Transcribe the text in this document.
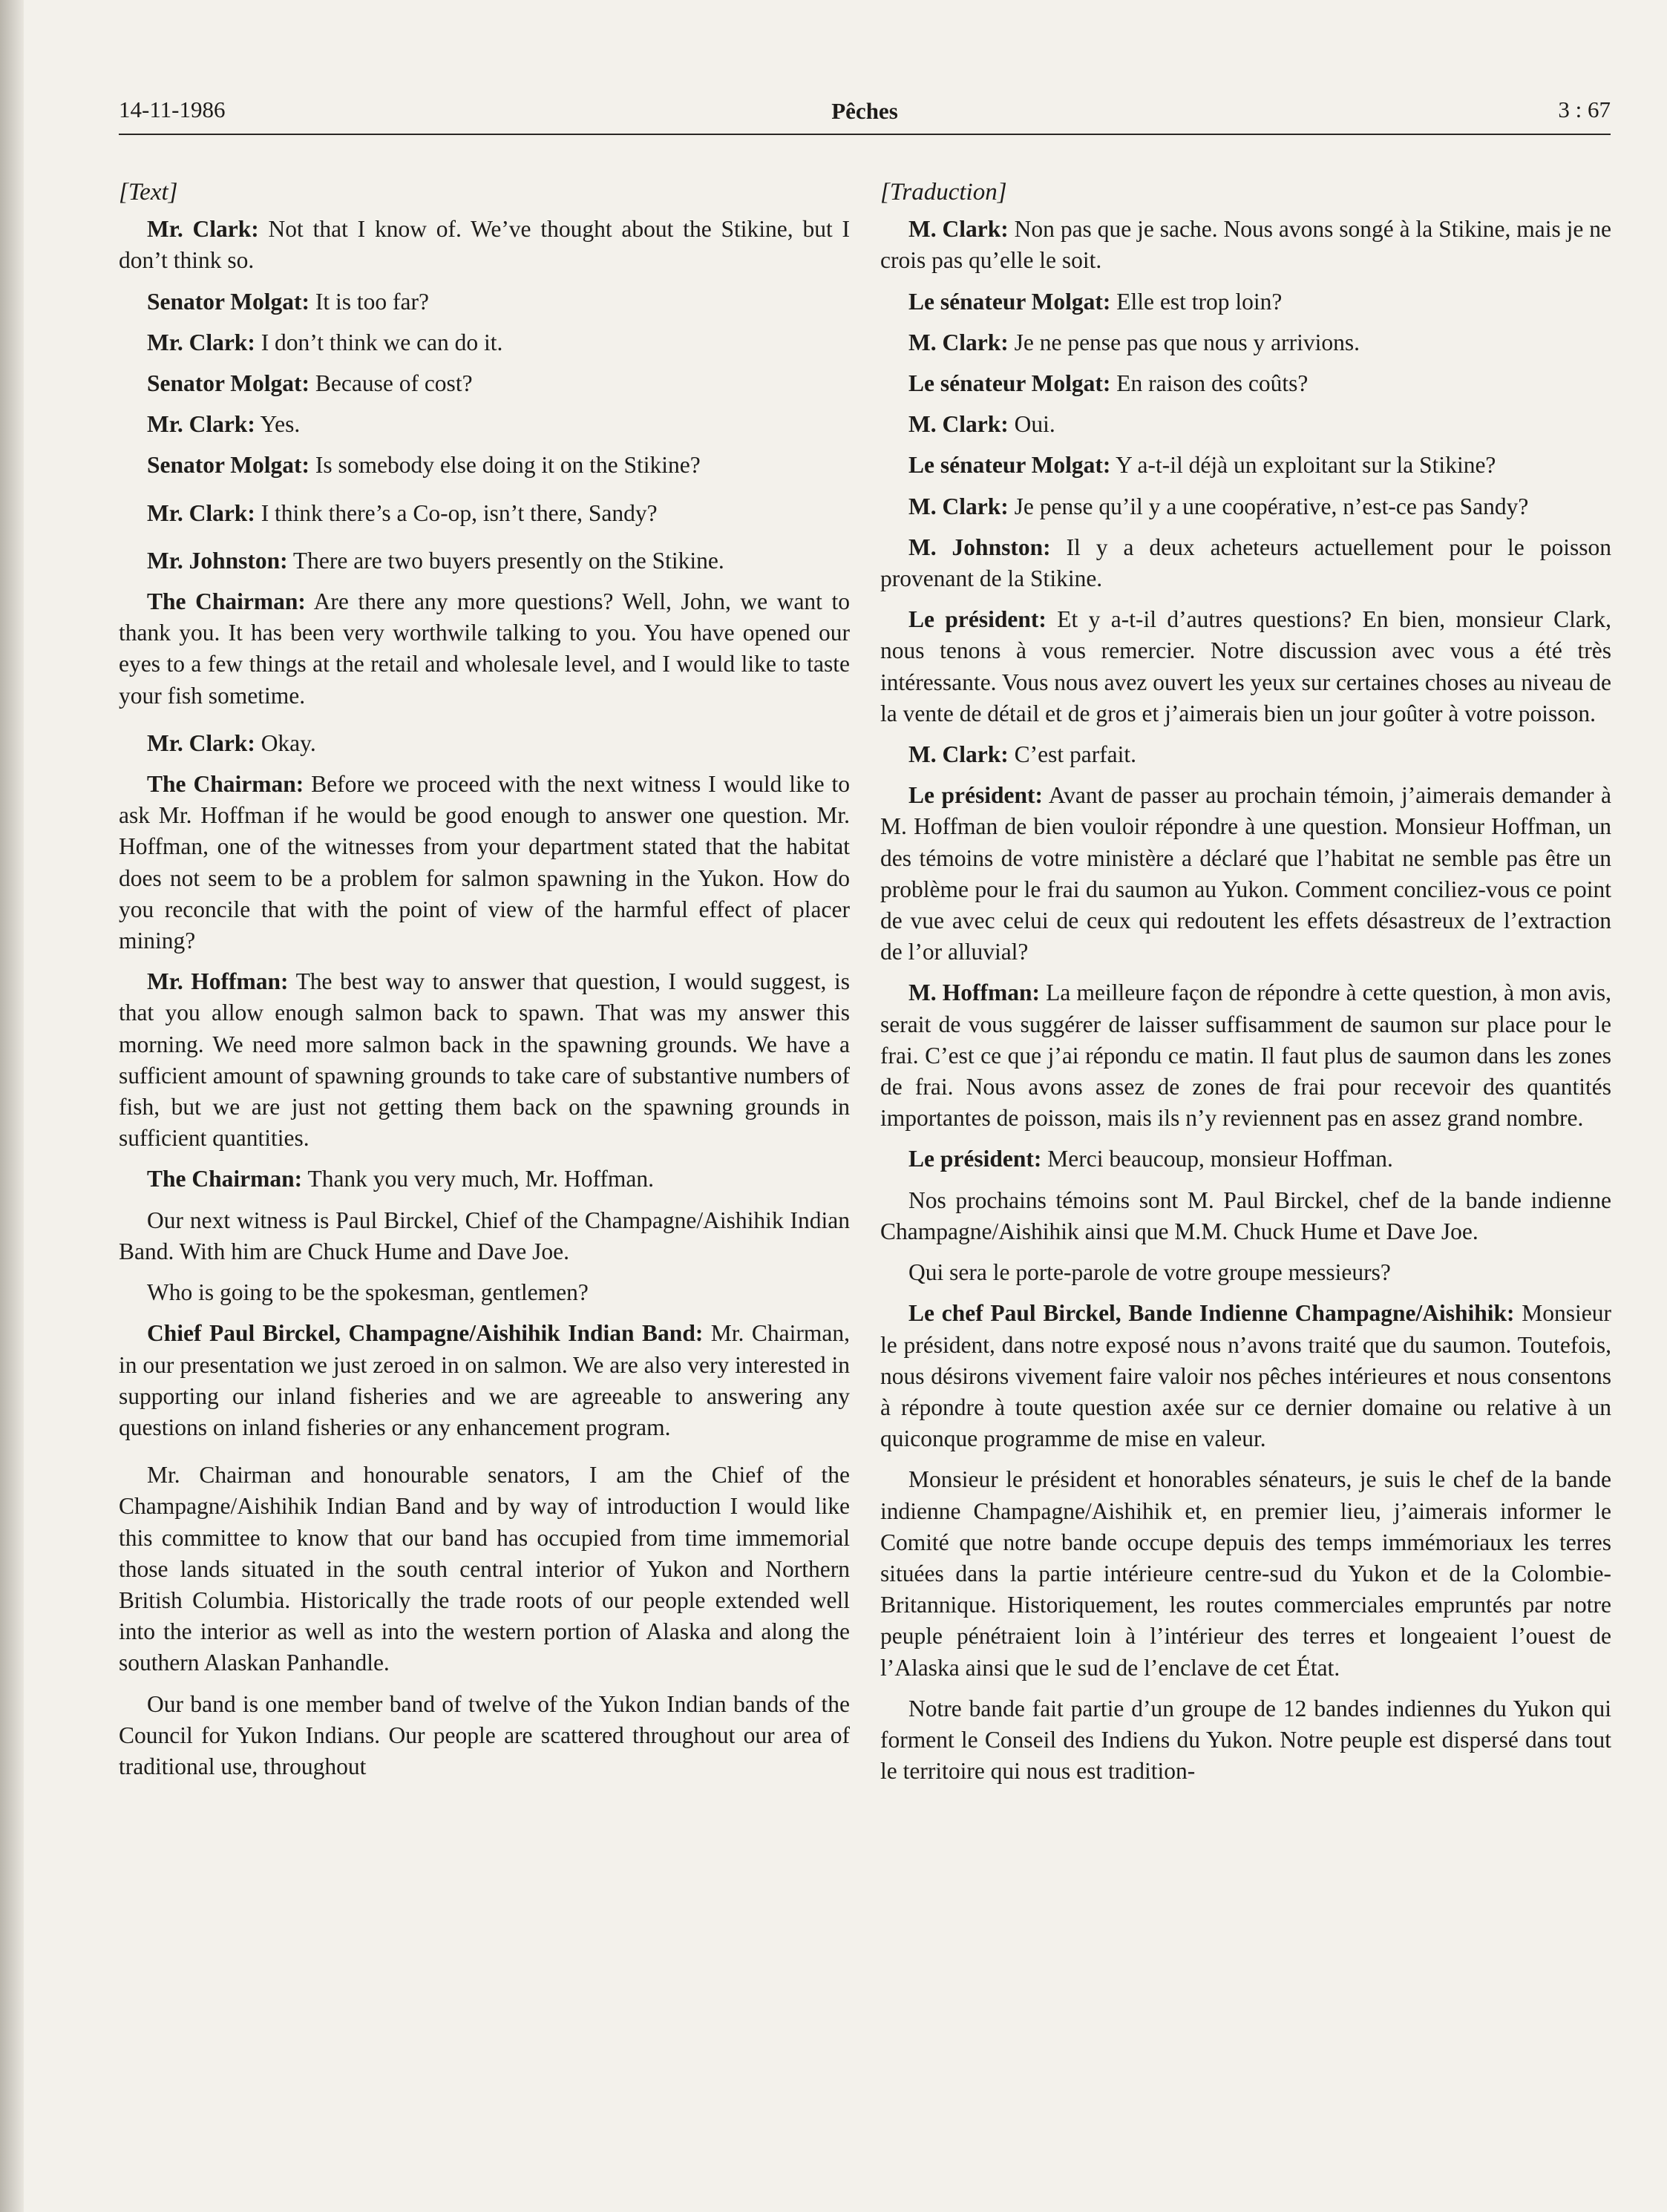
14-11-1986	Pêches	3 : 67

[Text]

Mr. Clark: Not that I know of. We’ve thought about the Stikine, but I don’t think so.

Senator Molgat: It is too far?

Mr. Clark: I don’t think we can do it.

Senator Molgat: Because of cost?

Mr. Clark: Yes.

Senator Molgat: Is somebody else doing it on the Stikine?

Mr. Clark: I think there’s a Co-op, isn’t there, Sandy?

Mr. Johnston: There are two buyers presently on the Stikine.

The Chairman: Are there any more questions? Well, John, we want to thank you. It has been very worthwile talking to you. You have opened our eyes to a few things at the retail and wholesale level, and I would like to taste your fish sometime.

Mr. Clark: Okay.

The Chairman: Before we proceed with the next witness I would like to ask Mr. Hoffman if he would be good enough to answer one question. Mr. Hoffman, one of the witnesses from your department stated that the habitat does not seem to be a problem for salmon spawning in the Yukon. How do you reconcile that with the point of view of the harmful effect of placer mining?

Mr. Hoffman: The best way to answer that question, I would suggest, is that you allow enough salmon back to spawn. That was my answer this morning. We need more salmon back in the spawning grounds. We have a sufficient amount of spawning grounds to take care of substantive numbers of fish, but we are just not getting them back on the spawning grounds in sufficient quantities.

The Chairman: Thank you very much, Mr. Hoffman.

Our next witness is Paul Birckel, Chief of the Champagne/Aishihik Indian Band. With him are Chuck Hume and Dave Joe.

Who is going to be the spokesman, gentlemen?

Chief Paul Birckel, Champagne/Aishihik Indian Band: Mr. Chairman, in our presentation we just zeroed in on salmon. We are also very interested in supporting our inland fisheries and we are agreeable to answering any questions on inland fisheries or any enhancement program.

Mr. Chairman and honourable senators, I am the Chief of the Champagne/Aishihik Indian Band and by way of introduction I would like this committee to know that our band has occupied from time immemorial those lands situated in the south central interior of Yukon and Northern British Columbia. Historically the trade roots of our people extended well into the interior as well as into the western portion of Alaska and along the southern Alaskan Panhandle.

Our band is one member band of twelve of the Yukon Indian bands of the Council for Yukon Indians. Our people are scattered throughout our area of traditional use, throughout

[Traduction]

M. Clark: Non pas que je sache. Nous avons songé à la Stikine, mais je ne crois pas qu’elle le soit.

Le sénateur Molgat: Elle est trop loin?

M. Clark: Je ne pense pas que nous y arrivions.

Le sénateur Molgat: En raison des coûts?

M. Clark: Oui.

Le sénateur Molgat: Y a-t-il déjà un exploitant sur la Stikine?

M. Clark: Je pense qu’il y a une coopérative, n’est-ce pas Sandy?

M. Johnston: Il y a deux acheteurs actuellement pour le poisson provenant de la Stikine.

Le président: Et y a-t-il d’autres questions? En bien, monsieur Clark, nous tenons à vous remercier. Notre discussion avec vous a été très intéressante. Vous nous avez ouvert les yeux sur certaines choses au niveau de la vente de détail et de gros et j’aimerais bien un jour goûter à votre poisson.

M. Clark: C’est parfait.

Le président: Avant de passer au prochain témoin, j’aimerais demander à M. Hoffman de bien vouloir répondre à une question. Monsieur Hoffman, un des témoins de votre ministère a déclaré que l’habitat ne semble pas être un problème pour le frai du saumon au Yukon. Comment conciliez-vous ce point de vue avec celui de ceux qui redoutent les effets désastreux de l’extraction de l’or alluvial?

M. Hoffman: La meilleure façon de répondre à cette question, à mon avis, serait de vous suggérer de laisser suffisamment de saumon sur place pour le frai. C’est ce que j’ai répondu ce matin. Il faut plus de saumon dans les zones de frai. Nous avons assez de zones de frai pour recevoir des quantités importantes de poisson, mais ils n’y reviennent pas en assez grand nombre.

Le président: Merci beaucoup, monsieur Hoffman.

Nos prochains témoins sont M. Paul Birckel, chef de la bande indienne Champagne/Aishihik ainsi que M.M. Chuck Hume et Dave Joe.

Qui sera le porte-parole de votre groupe messieurs?

Le chef Paul Birckel, Bande Indienne Champagne/Aishihik: Monsieur le président, dans notre exposé nous n’avons traité que du saumon. Toutefois, nous désirons vivement faire valoir nos pêches intérieures et nous consentons à répondre à toute question axée sur ce dernier domaine ou relative à un quiconque programme de mise en valeur.

Monsieur le président et honorables sénateurs, je suis le chef de la bande indienne Champagne/Aishihik et, en premier lieu, j’aimerais informer le Comité que notre bande occupe depuis des temps immémoriaux les terres situées dans la partie intérieure centre-sud du Yukon et de la Colombie-Britannique. Historiquement, les routes commerciales empruntés par notre peuple pénétraient loin à l’intérieur des terres et longeaient l’ouest de l’Alaska ainsi que le sud de l’enclave de cet État.

Notre bande fait partie d’un groupe de 12 bandes indiennes du Yukon qui forment le Conseil des Indiens du Yukon. Notre peuple est dispersé dans tout le territoire qui nous est tradition-
